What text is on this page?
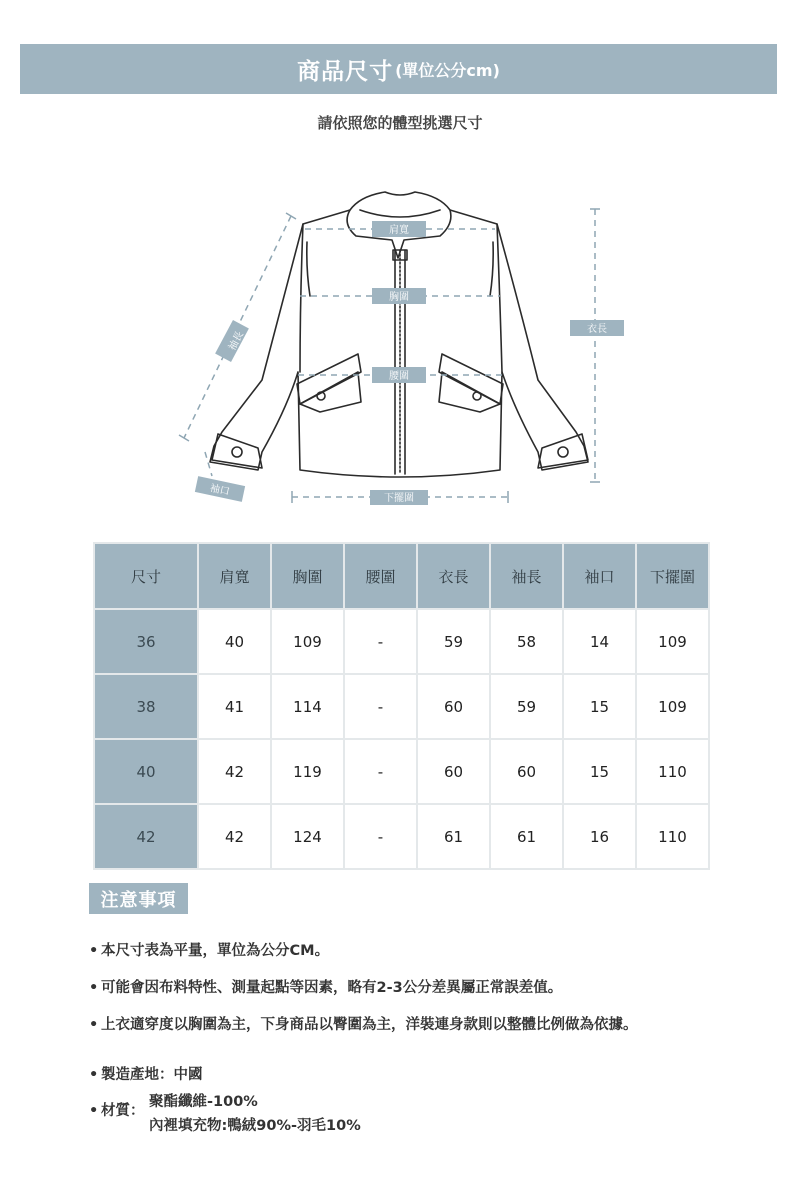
商品尺寸 (單位公分cm)
請依照您的體型挑選尺寸
肩寬
胸圍
腰圍
下擺圍
衣長
袖長
袖口
尺寸	肩寬	胸圍	腰圍	衣長	袖長	袖口	下擺圍
36	40	109	-	59	58	14	109
38	41	114	-	60	59	15	109
40	42	119	-	60	60	15	110
42	42	124	-	61	61	16	110
注意事項
• 本尺寸表為平量，單位為公分CM。
• 可能會因布料特性、測量起點等因素，略有2-3公分差異屬正常誤差值。
• 上衣適穿度以胸圍為主，下身商品以臀圍為主，洋裝連身款則以整體比例做為依據。
• 製造產地：中國
• 材質：
聚酯纖維-100%
內裡填充物:鴨絨90%-羽毛10%
